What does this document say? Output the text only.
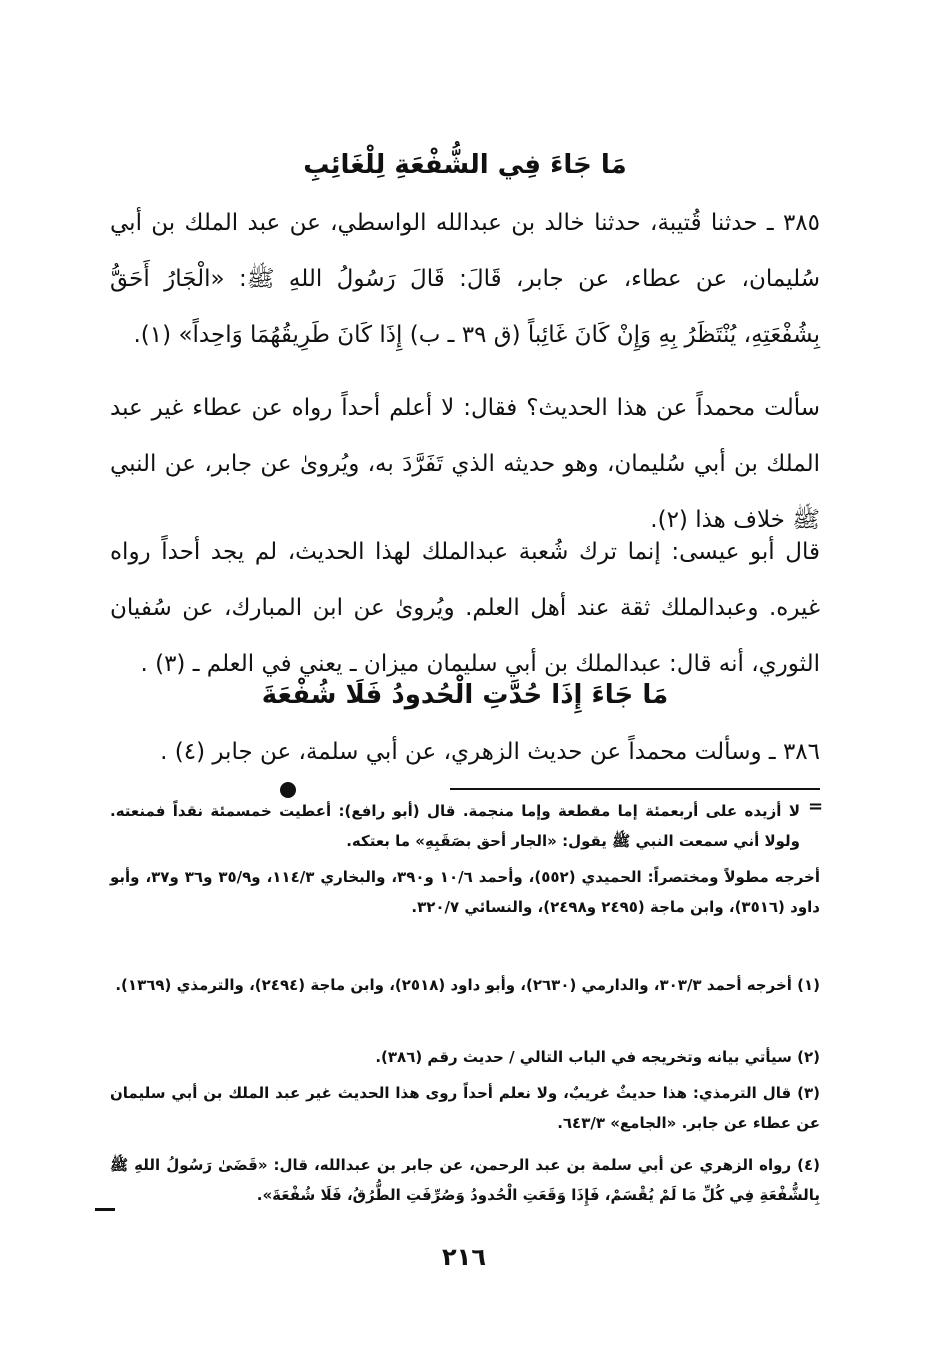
مَا جَاءَ فِي الشُّفْعَةِ لِلْغَائِبِ

٣٨٥ ـ حدثنا قُتيبة، حدثنا خالد بن عبدالله الواسطي، عن عبد الملك بن أبي سُليمان، عن عطاء، عن جابر، قَالَ: قَالَ رَسُولُ اللهِ ﷺ: «الْجَارُ أَحَقُّ بِشُفْعَتِهِ، يُنْتَظَرُ بِهِ وَإِنْ كَانَ غَائِباً (ق ٣٩ ـ ب) إِذَا كَانَ طَرِيقُهُمَا وَاحِداً» (١).

سألت محمداً عن هذا الحديث؟ فقال: لا أعلم أحداً رواه عن عطاء غير عبد الملك بن أبي سُليمان، وهو حديثه الذي تَفَرَّدَ به، ويُروىٰ عن جابر، عن النبي ﷺ خلاف هذا (٢).

قال أبو عيسى: إنما ترك شُعبة عبدالملك لهذا الحديث، لم يجد أحداً رواه غيره. وعبدالملك ثقة عند أهل العلم. ويُروىٰ عن ابن المبارك، عن سُفيان الثوري، أنه قال: عبدالملك بن أبي سليمان ميزان ـ يعني في العلم ـ (٣) .

مَا جَاءَ إِذَا حُدَّتِ الْحُدودُ فَلَا شُفْعَةَ

٣٨٦ ـ وسألت محمداً عن حديث الزهري، عن أبي سلمة، عن جابر (٤) .

=

لا أزيده على أربعمئة إما مقطعة وإما منجمة. قال (أبو رافع): أعطيت خمسمئة نقداً فمنعته. ولولا أني سمعت النبي ﷺ يقول: «الجار أحق بصَقَبِهِ» ما بعتكه.

أخرجه مطولاً ومختصراً: الحميدي (٥٥٢)، وأحمد ١٠/٦ و٣٩٠، والبخاري ١١٤/٣، و٣٥/٩ و٣٦ و٣٧، وأبو داود (٣٥١٦)، وابن ماجة (٢٤٩٥ و٢٤٩٨)، والنسائي ٣٢٠/٧.

(١) أخرجه أحمد ٣٠٣/٣، والدارمي (٢٦٣٠)، وأبو داود (٢٥١٨)، وابن ماجة (٢٤٩٤)، والترمذي (١٣٦٩).

(٢) سيأتي بيانه وتخريجه في الباب التالي / حديث رقم (٣٨٦).

(٣) قال الترمذي: هذا حديثٌ غريبٌ، ولا نعلم أحداً روى هذا الحديث غير عبد الملك بن أبي سليمان عن عطاء عن جابر. «الجامع» ٦٤٣/٣.

(٤) رواه الزهري عن أبي سلمة بن عبد الرحمن، عن جابر بن عبدالله، قال: «قَضَىٰ رَسُولُ اللهِ ﷺ بِالشُّفْعَةِ فِي كُلِّ مَا لَمْ يُقْسَمْ، فَإِذَا وَقَعَتِ الْحُدودُ وَصُرِّفَتِ الطُّرُقُ، فَلَا شُفْعَةَ».

٢١٦
